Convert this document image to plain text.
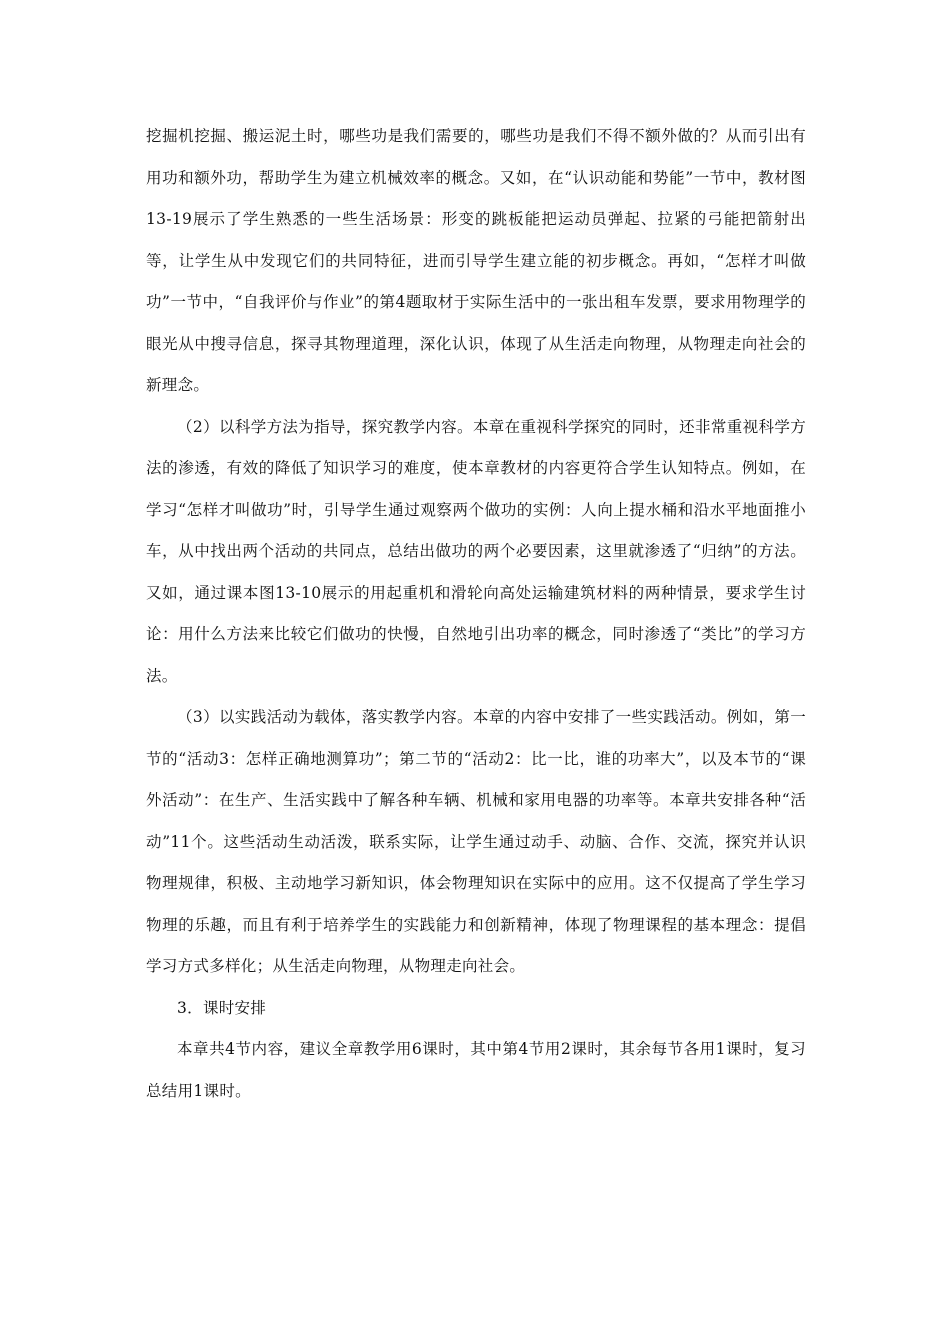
挖掘机挖掘、搬运泥土时，哪些功是我们需要的，哪些功是我们不得不额外做的？从而引出有用功和额外功，帮助学生为建立机械效率的概念。又如，在“认识动能和势能”一节中，教材图13-19展示了学生熟悉的一些生活场景：形变的跳板能把运动员弹起、拉紧的弓能把箭射出等，让学生从中发现它们的共同特征，进而引导学生建立能的初步概念。再如，“怎样才叫做功”一节中，“自我评价与作业”的第4题取材于实际生活中的一张出租车发票，要求用物理学的眼光从中搜寻信息，探寻其物理道理，深化认识，体现了从生活走向物理，从物理走向社会的新理念。

（2）以科学方法为指导，探究教学内容。本章在重视科学探究的同时，还非常重视科学方法的渗透，有效的降低了知识学习的难度，使本章教材的内容更符合学生认知特点。例如，在学习“怎样才叫做功”时，引导学生通过观察两个做功的实例：人向上提水桶和沿水平地面推小车，从中找出两个活动的共同点，总结出做功的两个必要因素，这里就渗透了“归纳”的方法。又如，通过课本图13-10展示的用起重机和滑轮向高处运输建筑材料的两种情景，要求学生讨论：用什么方法来比较它们做功的快慢，自然地引出功率的概念，同时渗透了“类比”的学习方法。

（3）以实践活动为载体，落实教学内容。本章的内容中安排了一些实践活动。例如，第一节的“活动3：怎样正确地测算功”；第二节的“活动2：比一比，谁的功率大”，以及本节的“课外活动”：在生产、生活实践中了解各种车辆、机械和家用电器的功率等。本章共安排各种“活动”11个。这些活动生动活泼，联系实际，让学生通过动手、动脑、合作、交流，探究并认识物理规律，积极、主动地学习新知识，体会物理知识在实际中的应用。这不仅提高了学生学习物理的乐趣，而且有利于培养学生的实践能力和创新精神，体现了物理课程的基本理念：提倡学习方式多样化；从生活走向物理，从物理走向社会。

3．课时安排

本章共4节内容，建议全章教学用6课时，其中第4节用2课时，其余每节各用1课时，复习总结用1课时。
